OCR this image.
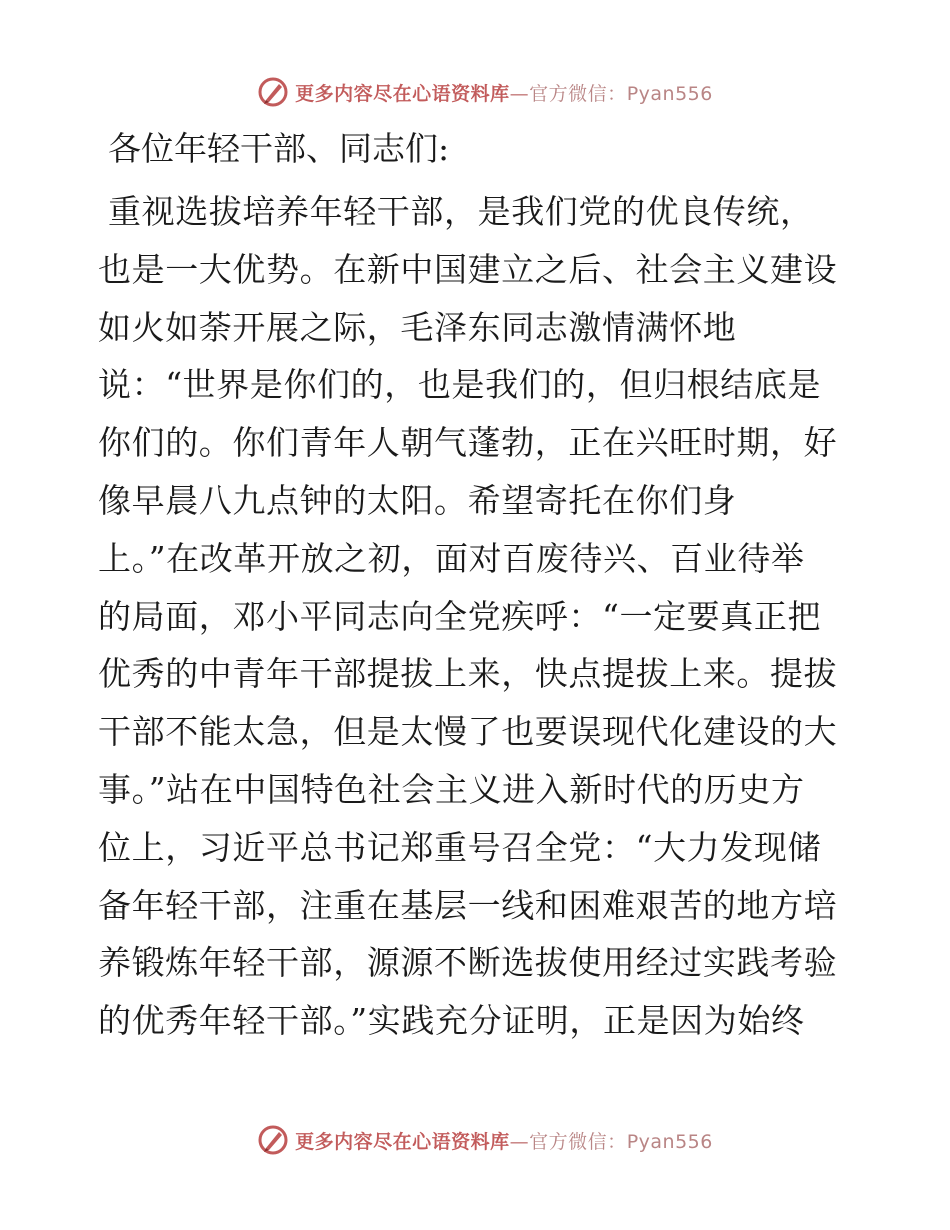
更多内容尽在心语资料库—官方微信：Pyan556
各位年轻干部、同志们:
重视选拔培养年轻干部，是我们党的优良传统，
也是一大优势。在新中国建立之后、社会主义建设
如火如荼开展之际，毛泽东同志激情满怀地
说：“世界是你们的，也是我们的，但归根结底是
你们的。你们青年人朝气蓬勃，正在兴旺时期，好
像早晨八九点钟的太阳。希望寄托在你们身
上。”在改革开放之初，面对百废待兴、百业待举
的局面，邓小平同志向全党疾呼：“一定要真正把
优秀的中青年干部提拔上来，快点提拔上来。提拔
干部不能太急，但是太慢了也要误现代化建设的大
事。”站在中国特色社会主义进入新时代的历史方
位上，习近平总书记郑重号召全党：“大力发现储
备年轻干部，注重在基层一线和困难艰苦的地方培
养锻炼年轻干部，源源不断选拔使用经过实践考验
的优秀年轻干部。”实践充分证明，正是因为始终
更多内容尽在心语资料库—官方微信：Pyan556
